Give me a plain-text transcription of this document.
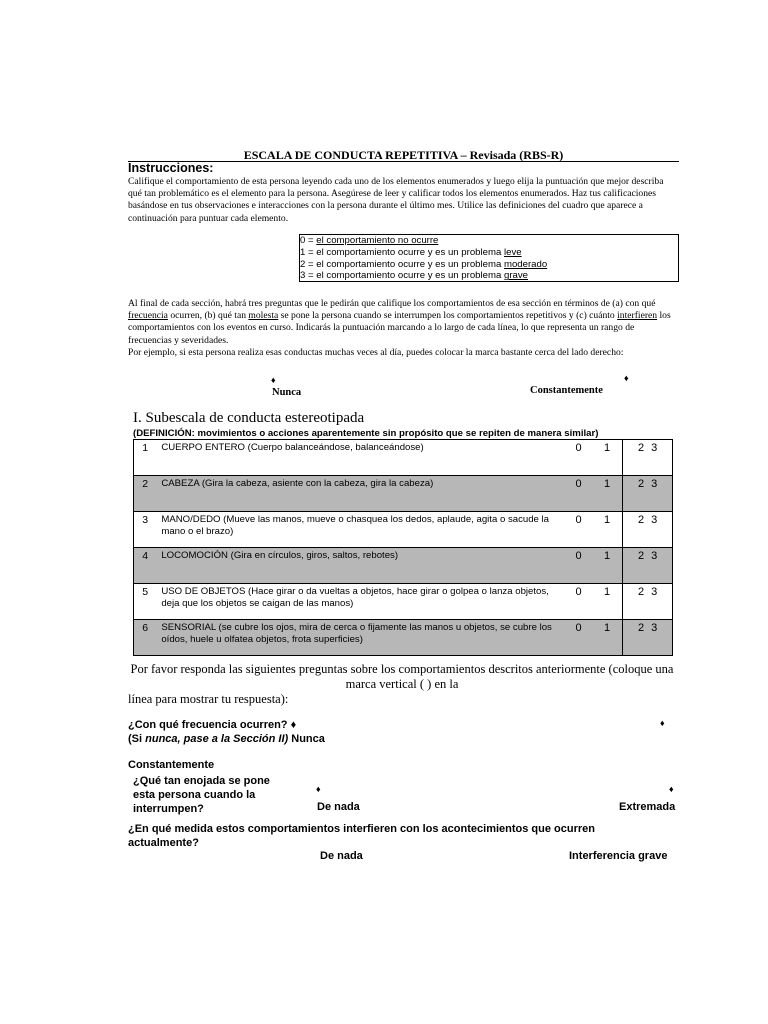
ESCALA DE CONDUCTA REPETITIVA – Revisada (RBS-R)
Instrucciones:
Califique el comportamiento de esta persona leyendo cada uno de los elementos enumerados y luego elija la puntuación que mejor describa qué tan problemático es el elemento para la persona. Asegúrese de leer y calificar todos los elementos enumerados. Haz tus calificaciones basándose en tus observaciones e interacciones con la persona durante el último mes. Utilice las definiciones del cuadro que aparece a continuación para puntuar cada elemento.
0 = el comportamiento no ocurre
1 = el comportamiento ocurre y es un problema leve
2 = el comportamiento ocurre y es un problema moderado
3 = el comportamiento ocurre y es un problema grave
Al final de cada sección, habrá tres preguntas que le pedirán que califique los comportamientos de esa sección en términos de (a) con qué frecuencia ocurren, (b) qué tan molesta se pone la persona cuando se interrumpen los comportamientos repetitivos y (c) cuánto interfieren los comportamientos con los eventos en curso. Indicarás la puntuación marcando a lo largo de cada línea, lo que representa un rango de frecuencias y severidades.
Por ejemplo, si esta persona realiza esas conductas muchas veces al día, puedes colocar la marca bastante cerca del lado derecho:
♦
Nunca	Constantemente
♦
I. Subescala de conducta estereotipada
(DEFINICIÓN: movimientos o acciones aparentemente sin propósito que se repiten de manera similar)
1	CUERPO ENTERO (Cuerpo balanceándose, balanceándose)	0	1	2 3
2	CABEZA (Gira la cabeza, asiente con la cabeza, gira la cabeza)	0	1	2 3
3	MANO/DEDO (Mueve las manos, mueve o chasquea los dedos, aplaude, agita o sacude la mano o el brazo)	0	1	2 3
4	LOCOMOCIÓN (Gira en círculos, giros, saltos, rebotes)	0	1	2 3
5	USO DE OBJETOS (Hace girar o da vueltas a objetos, hace girar o golpea o lanza objetos, deja que los objetos se caigan de las manos)	0	1	2 3
6	SENSORIAL (se cubre los ojos, mira de cerca o fijamente las manos u objetos, se cubre los oídos, huele u olfatea objetos, frota superficies)	0	1	2 3
Por favor responda las siguientes preguntas sobre los comportamientos descritos anteriormente (coloque una marca vertical ( ) en la
línea para mostrar tu respuesta):
¿Con qué frecuencia ocurren? ♦
(Si nunca, pase a la Sección II) Nunca
♦
Constantemente
¿Qué tan enojada se pone esta persona cuando la interrumpen?
♦	♦
De nada	Extremada
¿En qué medida estos comportamientos interfieren con los acontecimientos que ocurren actualmente?
De nada	Interferencia grave
